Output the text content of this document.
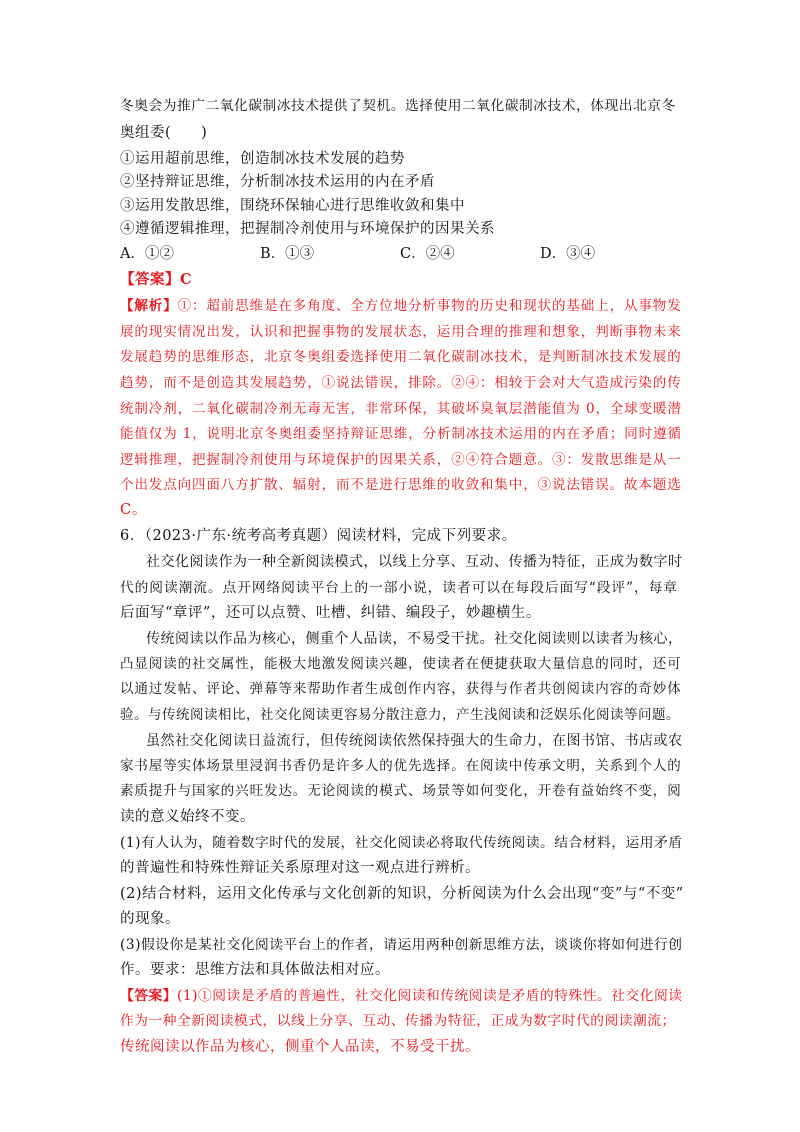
冬奥会为推广二氧化碳制冰技术提供了契机。选择使用二氧化碳制冰技术，体现出北京冬
奥组委(　　)
①运用超前思维，创造制冰技术发展的趋势
②坚持辩证思维，分析制冰技术运用的内在矛盾
③运用发散思维，围绕环保轴心进行思维收敛和集中
④遵循逻辑推理，把握制冷剂使用与环境保护的因果关系
A．①②	B．①③	C．②④	D．③④
【答案】C
【解析】①：超前思维是在多角度、全方位地分析事物的历史和现状的基础上，从事物发
展的现实情况出发，认识和把握事物的发展状态，运用合理的推理和想象，判断事物未来
发展趋势的思维形态，北京冬奥组委选择使用二氧化碳制冰技术，是判断制冰技术发展的
趋势，而不是创造其发展趋势，①说法错误，排除。②④：相较于会对大气造成污染的传
统制冷剂，二氧化碳制冷剂无毒无害，非常环保，其破坏臭氧层潜能值为 0，全球变暖潜
能值仅为 1，说明北京冬奥组委坚持辩证思维，分析制冰技术运用的内在矛盾；同时遵循
逻辑推理，把握制冷剂使用与环境保护的因果关系，②④符合题意。③：发散思维是从一
个出发点向四面八方扩散、辐射，而不是进行思维的收敛和集中，③说法错误。故本题选
C。
6．（2023·广东·统考高考真题）阅读材料，完成下列要求。
社交化阅读作为一种全新阅读模式，以线上分享、互动、传播为特征，正成为数字时
代的阅读潮流。点开网络阅读平台上的一部小说，读者可以在每段后面写“段评”，每章
后面写“章评”，还可以点赞、吐槽、纠错、编段子，妙趣横生。
传统阅读以作品为核心，侧重个人品读，不易受干扰。社交化阅读则以读者为核心，
凸显阅读的社交属性，能极大地激发阅读兴趣，使读者在便捷获取大量信息的同时，还可
以通过发帖、评论、弹幕等来帮助作者生成创作内容，获得与作者共创阅读内容的奇妙体
验。与传统阅读相比，社交化阅读更容易分散注意力，产生浅阅读和泛娱乐化阅读等问题。
虽然社交化阅读日益流行，但传统阅读依然保持强大的生命力，在图书馆、书店或农
家书屋等实体场景里浸润书香仍是许多人的优先选择。在阅读中传承文明，关系到个人的
素质提升与国家的兴旺发达。无论阅读的模式、场景等如何变化，开卷有益始终不变，阅
读的意义始终不变。
(1)有人认为，随着数字时代的发展，社交化阅读必将取代传统阅读。结合材料，运用矛盾
的普遍性和特殊性辩证关系原理对这一观点进行辨析。
(2)结合材料，运用文化传承与文化创新的知识，分析阅读为什么会出现“变”与“不变”
的现象。
(3)假设你是某社交化阅读平台上的作者，请运用两种创新思维方法，谈谈你将如何进行创
作。要求：思维方法和具体做法相对应。
【答案】(1)①阅读是矛盾的普遍性，社交化阅读和传统阅读是矛盾的特殊性。社交化阅读
作为一种全新阅读模式，以线上分享、互动、传播为特征，正成为数字时代的阅读潮流；
传统阅读以作品为核心，侧重个人品读，不易受干扰。
